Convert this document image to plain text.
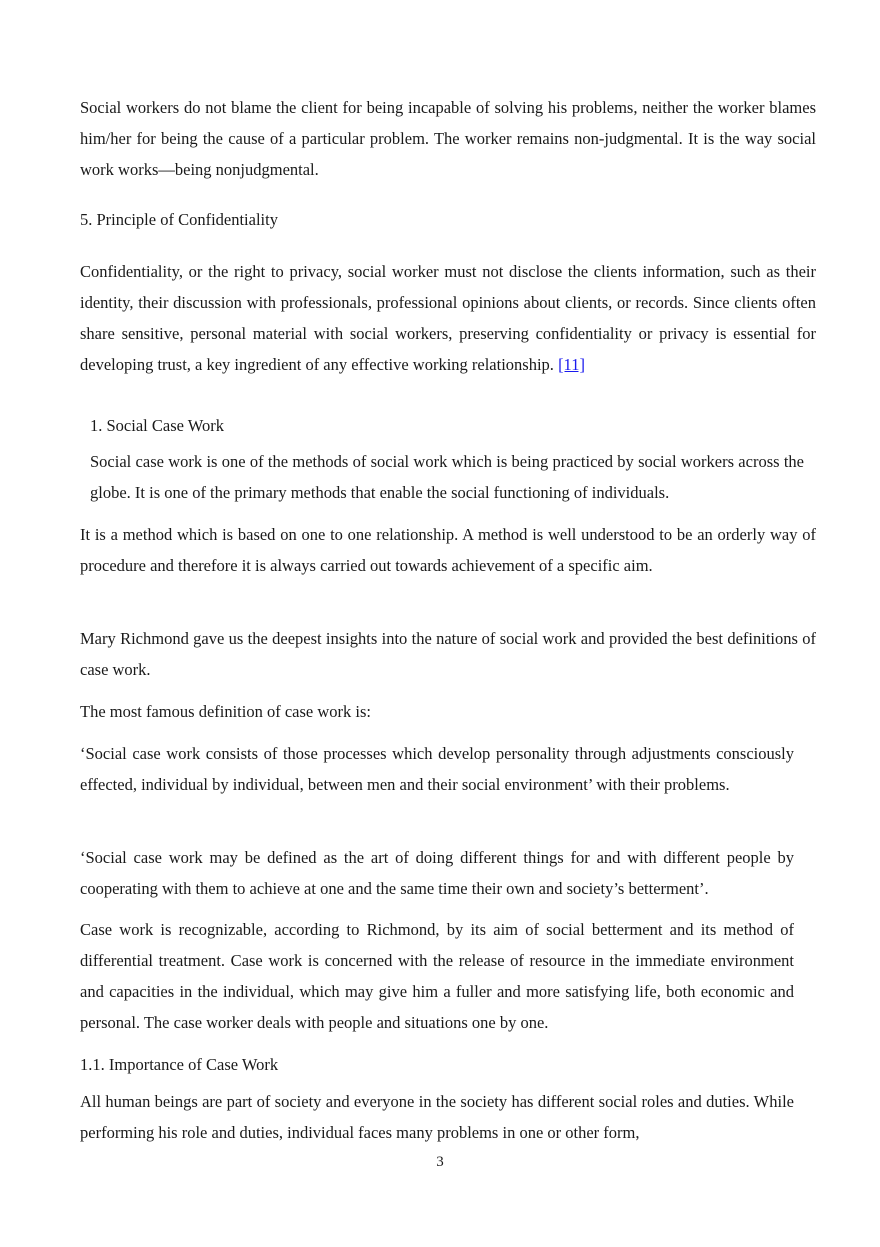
Social workers do not blame the client for being incapable of solving his problems, neither the worker blames him/her for being the cause of a particular problem. The worker remains non-judgmental. It is the way social work works—being nonjudgmental.

5. Principle of Confidentiality

Confidentiality, or the right to privacy, social worker must not disclose the clients information, such as their identity, their discussion with professionals, professional opinions about clients, or records. Since clients often share sensitive, personal material with social workers, preserving confidentiality or privacy is essential for developing trust, a key ingredient of any effective working relationship. [11]

1. Social Case Work

Social case work is one of the methods of social work which is being practiced by social workers across the globe. It is one of the primary methods that enable the social functioning of individuals.

It is a method which is based on one to one relationship. A method is well understood to be an orderly way of procedure and therefore it is always carried out towards achievement of a specific aim.

Mary Richmond gave us the deepest insights into the nature of social work and provided the best definitions of case work.

The most famous definition of case work is:

‘Social case work consists of those processes which develop personality through adjustments consciously effected, individual by individual, between men and their social environment’ with their problems.

‘Social case work may be defined as the art of doing different things for and with different people by cooperating with them to achieve at one and the same time their own and society’s betterment’.

Case work is recognizable, according to Richmond, by its aim of social betterment and its method of differential treatment. Case work is concerned with the release of resource in the immediate environment and capacities in the individual, which may give him a fuller and more satisfying life, both economic and personal. The case worker deals with people and situations one by one.

1.1. Importance of Case Work

All human beings are part of society and everyone in the society has different social roles and duties. While performing his role and duties, individual faces many problems in one or other form,

3
